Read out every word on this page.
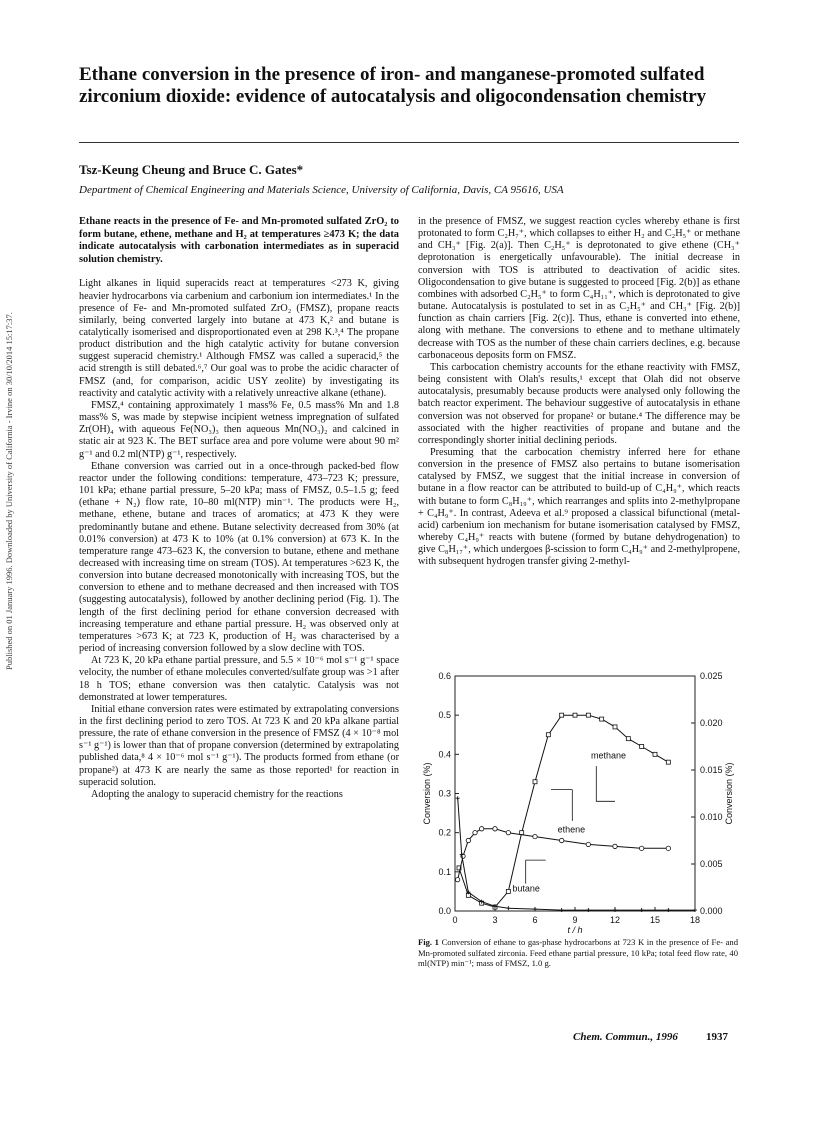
Published on 01 January 1996. Downloaded by University of California - Irvine on 30/10/2014 15:17:37.
Ethane conversion in the presence of iron- and manganese-promoted sulfated zirconium dioxide: evidence of autocatalysis and oligocondensation chemistry
Tsz-Keung Cheung and Bruce C. Gates*
Department of Chemical Engineering and Materials Science, University of California, Davis, CA 95616, USA

Ethane reacts in the presence of Fe- and Mn-promoted sulfated ZrO₂ to form butane, ethene, methane and H₂ at temperatures ≥473 K; the data indicate autocatalysis with carbonation intermediates as in superacid solution chemistry.

Light alkanes in liquid superacids react at temperatures <273 K, giving heavier hydrocarbons via carbenium and carbonium ion intermediates.¹ In the presence of Fe- and Mn-promoted sulfated ZrO₂ (FMSZ), propane reacts similarly, being converted largely into butane at 473 K,² and butane is catalytically isomerised and disproportionated even at 298 K.³,⁴ The propane product distribution and the high catalytic activity for butane conversion suggest superacid chemistry.¹ Although FMSZ was called a superacid,⁵ the acid strength is still debated.⁶,⁷ Our goal was to probe the acidic character of FMSZ (and, for comparison, acidic USY zeolite) by investigating its reactivity and catalytic activity with a relatively unreactive alkane (ethane).

FMSZ,⁴ containing approximately 1 mass% Fe, 0.5 mass% Mn and 1.8 mass% S, was made by stepwise incipient wetness impregnation of sulfated Zr(OH)₄ with aqueous Fe(NO₃)₃ then aqueous Mn(NO₃)₂ and calcined in static air at 923 K. The BET surface area and pore volume were about 90 m² g⁻¹ and 0.2 ml(NTP) g⁻¹, respectively.

Ethane conversion was carried out in a once-through packed-bed flow reactor under the following conditions: temperature, 473–723 K; pressure, 101 kPa; ethane partial pressure, 5–20 kPa; mass of FMSZ, 0.5–1.5 g; feed (ethane + N₂) flow rate, 10–80 ml(NTP) min⁻¹. The products were H₂, methane, ethene, butane and traces of aromatics; at 473 K they were predominantly butane and ethene. Butane selectivity decreased from 30% (at 0.01% conversion) at 473 K to 10% (at 0.1% conversion) at 673 K. In the temperature range 473–623 K, the conversion to butane, ethene and methane decreased with increasing time on stream (TOS). At temperatures >623 K, the conversion into butane decreased monotonically with increasing TOS, but the conversion to ethene and to methane decreased and then increased with TOS (suggesting autocatalysis), followed by another declining period (Fig. 1). The length of the first declining period for ethane conversion decreased with increasing temperature and ethane partial pressure. H₂ was observed only at temperatures >673 K; at 723 K, production of H₂ was characterised by a period of increasing conversion followed by a slow decline with TOS.

At 723 K, 20 kPa ethane partial pressure, and 5.5 × 10⁻⁶ mol s⁻¹ g⁻¹ space velocity, the number of ethane molecules converted/sulfate group was >1 after 18 h TOS; ethane conversion was then catalytic. Catalysis was not demonstrated at lower temperatures.

Initial ethane conversion rates were estimated by extrapolating conversions in the first declining period to zero TOS. At 723 K and 20 kPa alkane partial pressure, the rate of ethane conversion in the presence of FMSZ (4 × 10⁻⁸ mol s⁻¹ g⁻¹) is lower than that of propane conversion (determined by extrapolating published data,⁸ 4 × 10⁻⁶ mol s⁻¹ g⁻¹). The products formed from ethane (or propane²) at 473 K are nearly the same as those reported¹ for reaction in superacid solution.

Adopting the analogy to superacid chemistry for the reactions

in the presence of FMSZ, we suggest reaction cycles whereby ethane is first protonated to form C₂H₇⁺, which collapses to either H₂ and C₂H₅⁺ or methane and CH₃⁺ [Fig. 2(a)]. Then C₂H₅⁺ is deprotonated to give ethene (CH₃⁺ deprotonation is energetically unfavourable). The initial decrease in conversion with TOS is attributed to deactivation of acidic sites. Oligocondensation to give butane is suggested to proceed [Fig. 2(b)] as ethane combines with adsorbed C₂H₅⁺ to form C₄H₁₁⁺, which is deprotonated to give butane. Autocatalysis is postulated to set in as C₂H₅⁺ and CH₃⁺ [Fig. 2(b)] function as chain carriers [Fig. 2(c)]. Thus, ethane is converted into ethene, along with methane. The conversions to ethene and to methane ultimately decrease with TOS as the number of these chain carriers declines, e.g. because carbonaceous deposits form on FMSZ.

This carbocation chemistry accounts for the ethane reactivity with FMSZ, being consistent with Olah's results,¹ except that Olah did not observe autocatalysis, presumably because products were analysed only following the batch reactor experiment. The behaviour suggestive of autocatalysis in ethane conversion was not observed for propane² or butane.⁴ The difference may be associated with the higher reactivities of propane and butane and the correspondingly shorter initial declining periods.

Presuming that the carbocation chemistry inferred here for ethane conversion in the presence of FMSZ also pertains to butane isomerisation catalysed by FMSZ, we suggest that the initial increase in conversion of butane in a flow reactor can be attributed to build-up of C₄H₉⁺, which reacts with butane to form C₈H₁₉⁺, which rearranges and splits into 2-methylpropane + C₄H₉⁺. In contrast, Adeeva et al.⁹ proposed a classical bifunctional (metal-acid) carbenium ion mechanism for butane isomerisation catalysed by FMSZ, whereby C₄H₉⁺ reacts with butene (formed by butane dehydrogenation) to give C₈H₁₇⁺, which undergoes β-scission to form C₄H₉⁺ and 2-methylpropene, with subsequent hydrogen transfer giving 2-methyl-

0	3	6	9	12	15	18
0.0
0.1
0.2
0.3
0.4
0.5
0.6
0.000
0.005
0.010
0.015
0.020
0.025
t / h
Conversion (%)	Conversion (%)
methane
ethene
butane
Fig. 1 Conversion of ethane to gas-phase hydrocarbons at 723 K in the presence of Fe- and Mn-promoted sulfated zirconia. Feed ethane partial pressure, 10 kPa; total feed flow rate, 40 ml(NTP) min⁻¹; mass of FMSZ, 1.0 g.
Chem. Commun., 1996	1937
